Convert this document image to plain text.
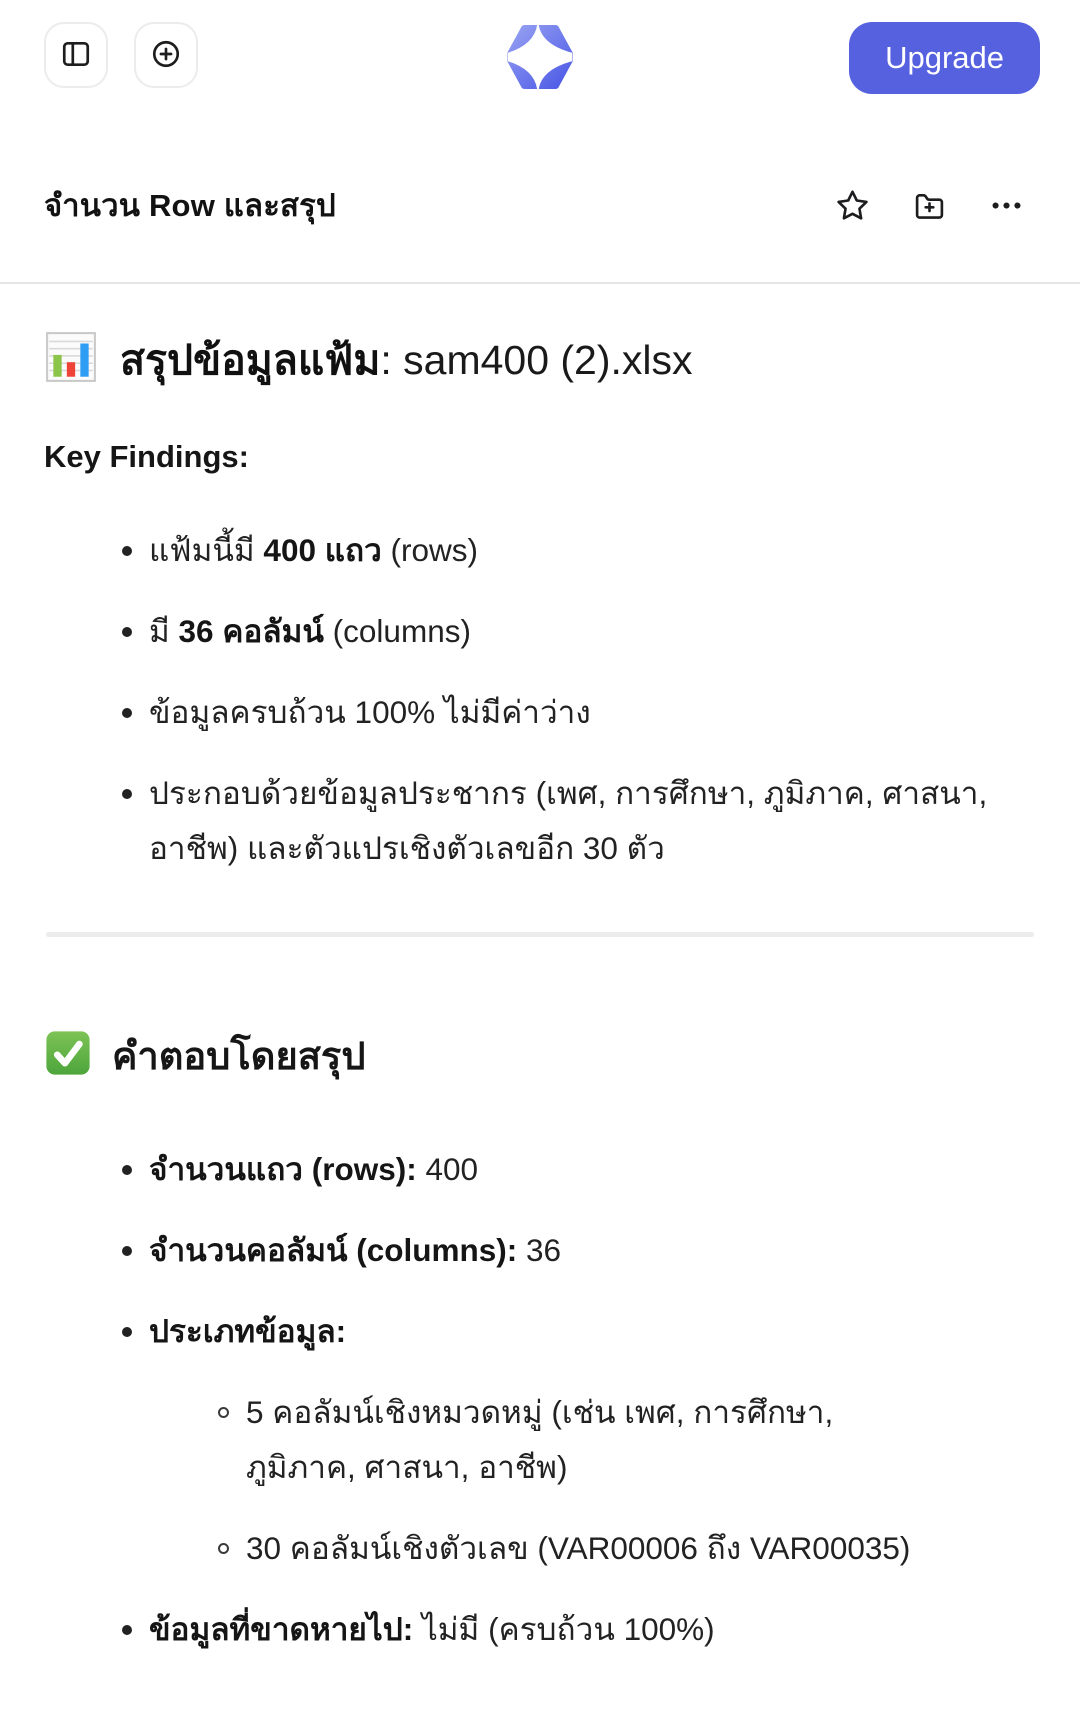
Upgrade
จำนวน Row และสรุป
สรุปข้อมูลแฟ้ม: sam400 (2).xlsx
Key Findings:
แฟ้มนี้มี 400 แถว (rows)
มี 36 คอลัมน์ (columns)
ข้อมูลครบถ้วน 100% ไม่มีค่าว่าง
ประกอบด้วยข้อมูลประชากร (เพศ, การศึกษา, ภูมิภาค, ศาสนา, อาชีพ) และตัวแปรเชิงตัวเลขอีก 30 ตัว
คำตอบโดยสรุป
จำนวนแถว (rows): 400
จำนวนคอลัมน์ (columns): 36
ประเภทข้อมูล:
5 คอลัมน์เชิงหมวดหมู่ (เช่น เพศ, การศึกษา, ภูมิภาค, ศาสนา, อาชีพ)
30 คอลัมน์เชิงตัวเลข (VAR00006 ถึง VAR00035)
ข้อมูลที่ขาดหายไป: ไม่มี (ครบถ้วน 100%)
